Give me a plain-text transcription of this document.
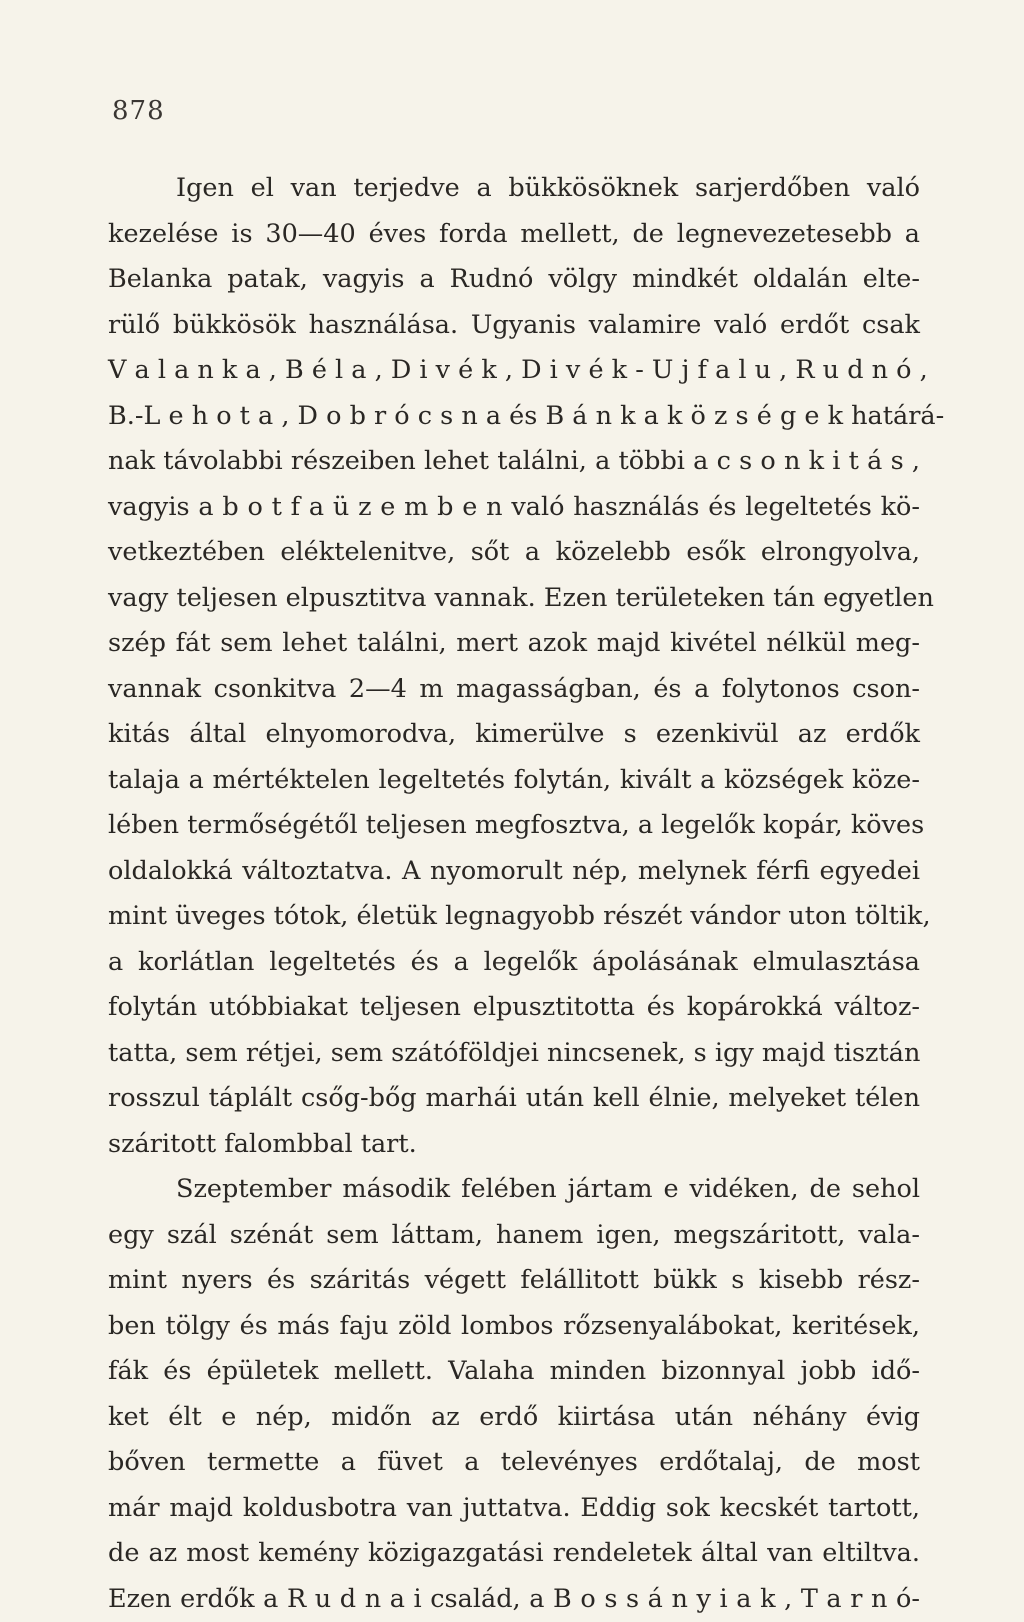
878
Igen el van terjedve a bükkösöknek sarjerdőben való
kezelése is 30—40 éves forda mellett, de legnevezetesebb a
Belanka patak, vagyis a Rudnó völgy mindkét oldalán elte-
rülő bükkösök használása. Ugyanis valamire való erdőt csak
V a l a n k a , B é l a , D i v é k , D i v é k - U j f a l u , R u d n ó ,
B.-L e h o t a , D o b r ó c s n a és B á n k a k ö z s é g e k határá-
nak távolabbi részeiben lehet találni, a többi a c s o n k i t á s ,
vagyis a b o t f a ü z e m b e n való használás és legeltetés kö-
vetkeztében eléktelenitve, sőt a közelebb esők elrongyolva,
vagy teljesen elpusztitva vannak. Ezen területeken tán egyetlen
szép fát sem lehet találni, mert azok majd kivétel nélkül meg-
vannak csonkitva 2—4 m magasságban, és a folytonos cson-
kitás által elnyomorodva, kimerülve s ezenkivül az erdők
talaja a mértéktelen legeltetés folytán, kivált a községek köze-
lében termőségétől teljesen megfosztva, a legelők kopár, köves
oldalokká változtatva. A nyomorult nép, melynek férfi egyedei
mint üveges tótok, életük legnagyobb részét vándor uton töltik,
a korlátlan legeltetés és a legelők ápolásának elmulasztása
folytán utóbbiakat teljesen elpusztitotta és kopárokká változ-
tatta, sem rétjei, sem szátóföldjei nincsenek, s igy majd tisztán
rosszul táplált csőg-bőg marhái után kell élnie, melyeket télen
száritott falombbal tart.
Szeptember második felében jártam e vidéken, de sehol
egy szál szénát sem láttam, hanem igen, megszáritott, vala-
mint nyers és száritás végett felállitott bükk s kisebb rész-
ben tölgy és más faju zöld lombos rőzsenyalábokat, keritések,
fák és épületek mellett. Valaha minden bizonnyal jobb idő-
ket élt e nép, midőn az erdő kiirtása után néhány évig
bőven termette a füvet a televényes erdőtalaj, de most
már majd koldusbotra van juttatva. Eddig sok kecskét tartott,
de az most kemény közigazgatási rendeletek által van eltiltva.
Ezen erdők a R u d n a i család, a B o s s á n y i a k , T a r n ó-
